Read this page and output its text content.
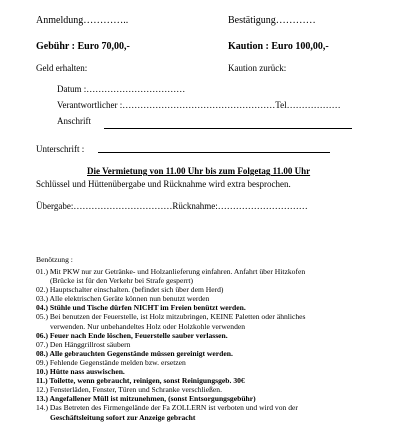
Anmeldung…………..	Bestätigung…………
Gebühr : Euro 70,00,-	Kaution : Euro 100,00,-
Geld erhalten:	Kaution zurück:
Datum :……………………………
Verantwortlicher :……………………………………………Tel………………
Anschrift
Unterschrift :
Die Vermietung von 11.00 Uhr bis zum Folgetag 11.00 Uhr
Schlüssel und Hüttenübergabe und Rücknahme wird extra besprochen.
Übergabe:……………………………Rücknahme:…………………………
Benötzung :
01.) Mit PKW nur zur Getränke- und Holzanlieferung einfahren. Anfahrt über Hitzkofen
(Brücke ist für den Verkehr bei Strafe gesperrt)
02.) Hauptschalter einschalten. (befindet sich über dem Herd)
03.) Alle elektrischen Geräte können nun benutzt werden
04.) Stühle und Tische dürfen NICHT im Freien benützt werden.
05.) Bei benutzen der Feuerstelle, ist Holz mitzubringen, KEINE Paletten oder ähnliches
verwenden. Nur unbehandeltes Holz oder Holzkohle verwenden
06.) Feuer nach Ende löschen, Feuerstelle sauber verlassen.
07.) Den Hänggrillrost säubern
08.) Alle gebrauchten Gegenstände müssen gereinigt werden.
09.) Fehlende Gegenstände melden bzw. ersetzen
10.) Hütte nass auswischen.
11.) Toilette, wenn gebraucht, reinigen, sonst Reinigungsgeb. 30€
12.) Fensterläden, Fenster, Türen und Schranke verschließen.
13.) Angefallener Müll ist mitzunehmen, (sonst Entsorgungsgebühr)
14.) Das Betreten des Firmengelände der Fa ZOLLERN ist verboten und wird von der
Geschäftsleitung sofort zur Anzeige gebracht
